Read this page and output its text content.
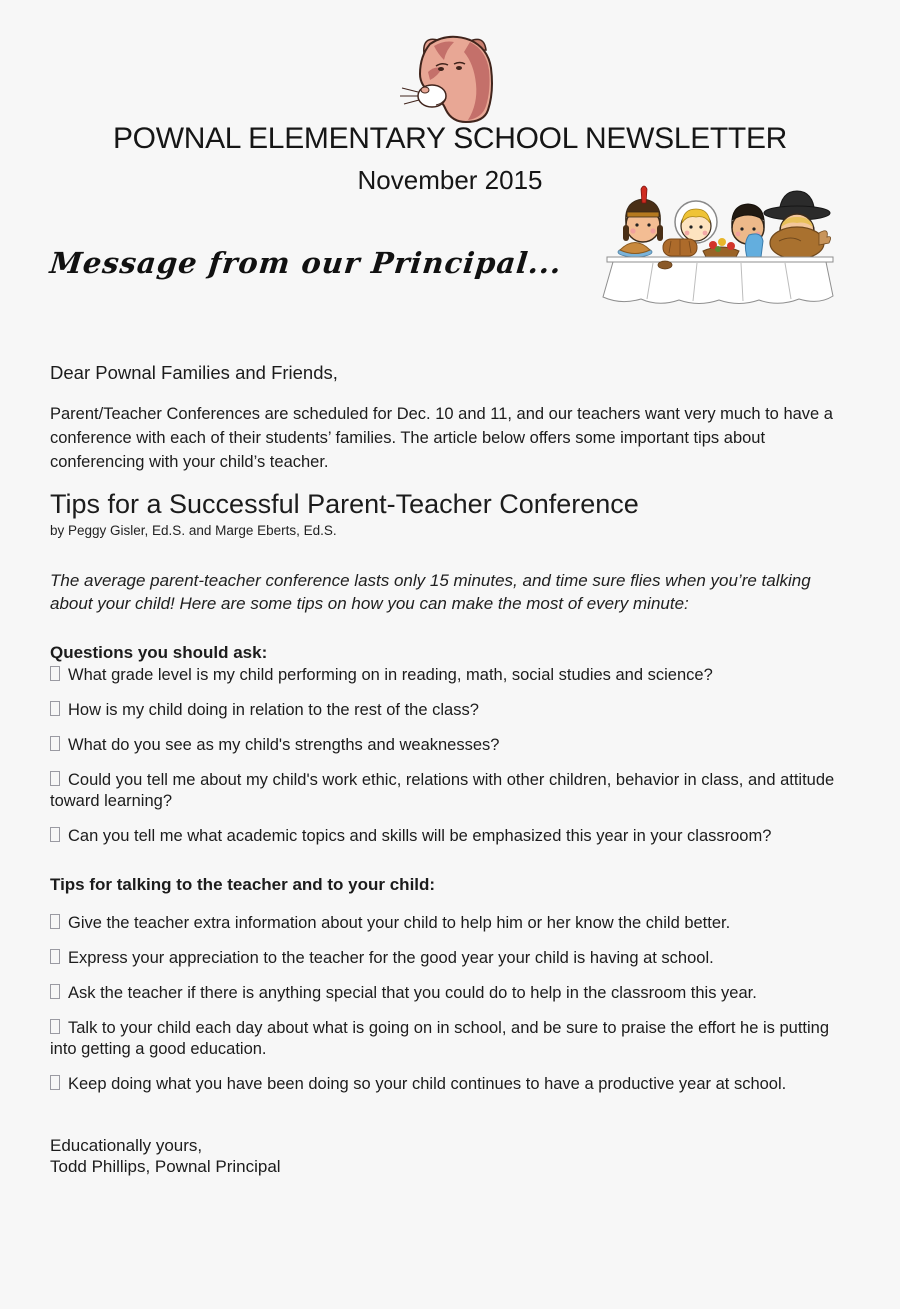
POWNAL ELEMENTARY SCHOOL NEWSLETTER
November 2015
Message from our Principal...

Dear Pownal Families and Friends,

Parent/Teacher Conferences are scheduled for Dec. 10 and 11, and our teachers want very much to have a conference with each of their students’ families. The article below offers some important tips about conferencing with your child’s teacher.

Tips for a Successful Parent-Teacher Conference

by Peggy Gisler, Ed.S. and Marge Eberts, Ed.S.

The average parent-teacher conference lasts only 15 minutes, and time sure flies when you’re talking about your child! Here are some tips on how you can make the most of every minute:

Questions you should ask:

What grade level is my child performing on in reading, math, social studies and science?

How is my child doing in relation to the rest of the class?

What do you see as my child's strengths and weaknesses?

Could you tell me about my child's work ethic, relations with other children, behavior in class, and attitude toward learning?

Can you tell me what academic topics and skills will be emphasized this year in your classroom?

Tips for talking to the teacher and to your child:

Give the teacher extra information about your child to help him or her know the child better.

Express your appreciation to the teacher for the good year your child is having at school.

Ask the teacher if there is anything special that you could do to help in the classroom this year.

Talk to your child each day about what is going on in school, and be sure to praise the effort he is putting into getting a good education.

Keep doing what you have been doing so your child continues to have a productive year at school.

Educationally yours,

Todd Phillips, Pownal Principal
